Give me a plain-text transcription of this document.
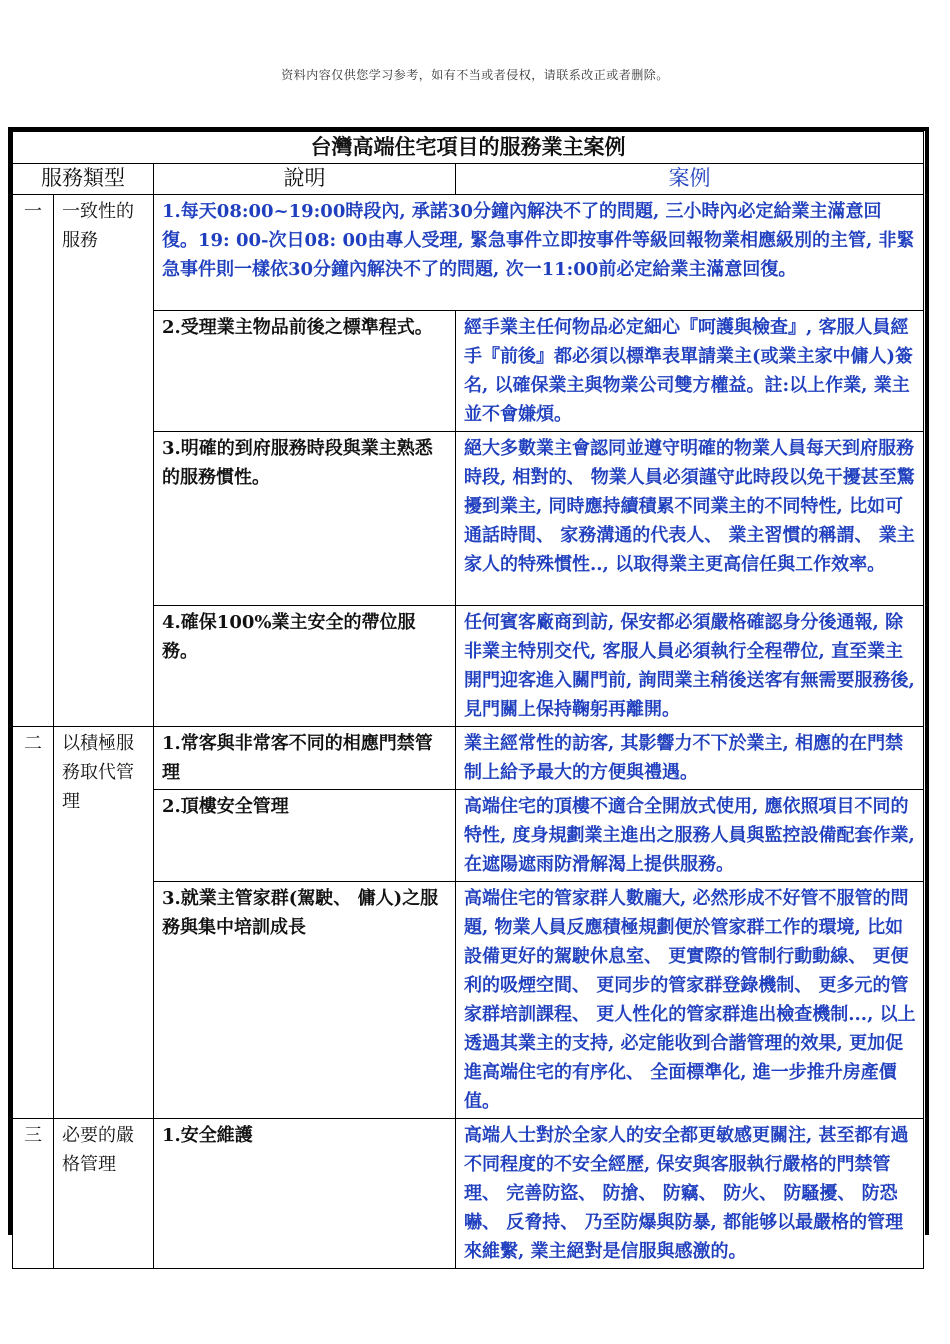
资料内容仅供您学习参考，如有不当或者侵权，请联系改正或者删除。
台灣高端住宅項目的服務業主案例			
服務類型		說明	案例
一	一致性的服務	1.每天08:00~19:00時段內, 承諾30分鐘內解決不了的問題, 三小時內必定給業主滿意回復。19: 00-次日08: 00由專人受理, 緊急事件立即按事件等級回報物業相應級別的主管, 非緊急事件則一樣依30分鐘內解決不了的問題, 次一11:00前必定給業主滿意回復。	
		2.受理業主物品前後之標準程式。	經手業主任何物品必定細心『呵護與檢查』, 客服人員經手『前後』都必須以標準表單請業主(或業主家中傭人)簽名, 以確保業主與物業公司雙方權益。註:以上作業, 業主並不會嫌煩。
		3.明確的到府服務時段與業主熟悉的服務慣性。	絕大多數業主會認同並遵守明確的物業人員每天到府服務時段, 相對的、 物業人員必須謹守此時段以免干擾甚至驚擾到業主, 同時應持續積累不同業主的不同特性, 比如可通話時間、 家務溝通的代表人、 業主習慣的稱謂、 業主家人的特殊慣性.., 以取得業主更高信任與工作效率。
		4.確保100%業主安全的帶位服務。	任何賓客廠商到訪, 保安都必須嚴格確認身分後通報, 除非業主特別交代, 客服人員必須執行全程帶位, 直至業主開門迎客進入關門前, 詢問業主稍後送客有無需要服務後, 見門關上保持鞠躬再離開。
二	以積極服務取代管理	1.常客與非常客不同的相應門禁管理	業主經常性的訪客, 其影響力不下於業主, 相應的在門禁制上給予最大的方便與禮遇。
		2.頂樓安全管理	高端住宅的頂樓不適合全開放式使用, 應依照項目不同的特性, 度身規劃業主進出之服務人員與監控設備配套作業, 在遮陽遮雨防滑解渴上提供服務。
		3.就業主管家群(駕駛、 傭人)之服務與集中培訓成長	高端住宅的管家群人數龐大, 必然形成不好管不服管的問題, 物業人員反應積極規劃便於管家群工作的環境, 比如設備更好的駕駛休息室、 更實際的管制行動動線、 更便利的吸煙空間、 更同步的管家群登錄機制、 更多元的管家群培訓課程、 更人性化的管家群進出檢查機制..., 以上透過其業主的支持, 必定能收到合諧管理的效果, 更加促進高端住宅的有序化、 全面標準化, 進一步推升房產價值。
三	必要的嚴格管理	1.安全維護	高端人士對於全家人的安全都更敏感更關注, 甚至都有過不同程度的不安全經歷, 保安與客服執行嚴格的門禁管理、 完善防盜、 防搶、 防竊、 防火、 防騷擾、 防恐嚇、 反脅持、 乃至防爆與防暴, 都能够以最嚴格的管理來維繫, 業主絕對是信服與感激的。
